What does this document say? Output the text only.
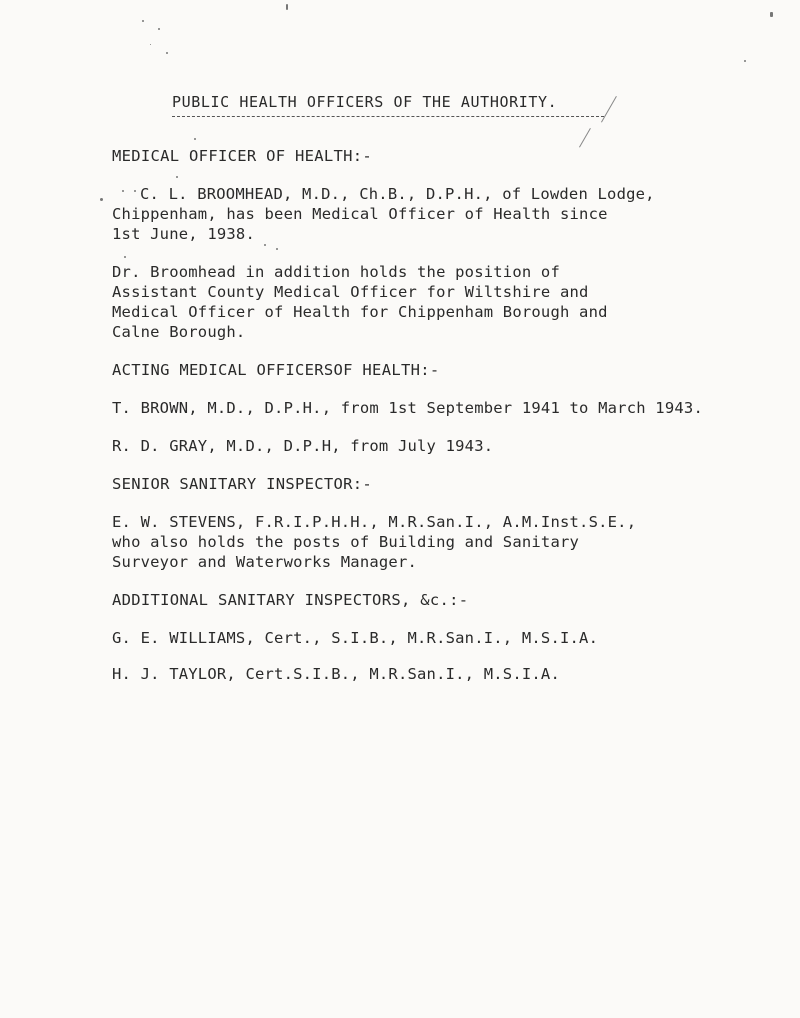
PUBLIC HEALTH OFFICERS OF THE AUTHORITY.
MEDICAL OFFICER OF HEALTH:-
C. L. BROOMHEAD, M.D., Ch.B., D.P.H., of Lowden Lodge,
Chippenham, has been Medical Officer of Health since
1st June, 1938.
Dr. Broomhead in addition holds the position of
Assistant County Medical Officer for Wiltshire and
Medical Officer of Health for Chippenham Borough and
Calne Borough.
ACTING MEDICAL OFFICERSOF HEALTH:-
T. BROWN, M.D., D.P.H., from 1st September 1941 to March 1943.
R. D. GRAY, M.D., D.P.H, from July 1943.
SENIOR SANITARY INSPECTOR:-
E. W. STEVENS, F.R.I.P.H.H., M.R.San.I., A.M.Inst.S.E.,
who also holds the posts of Building and Sanitary
Surveyor and Waterworks Manager.
ADDITIONAL SANITARY INSPECTORS, &c.:-
G. E. WILLIAMS, Cert., S.I.B., M.R.San.I., M.S.I.A.
H. J. TAYLOR, Cert.S.I.B., M.R.San.I., M.S.I.A.
